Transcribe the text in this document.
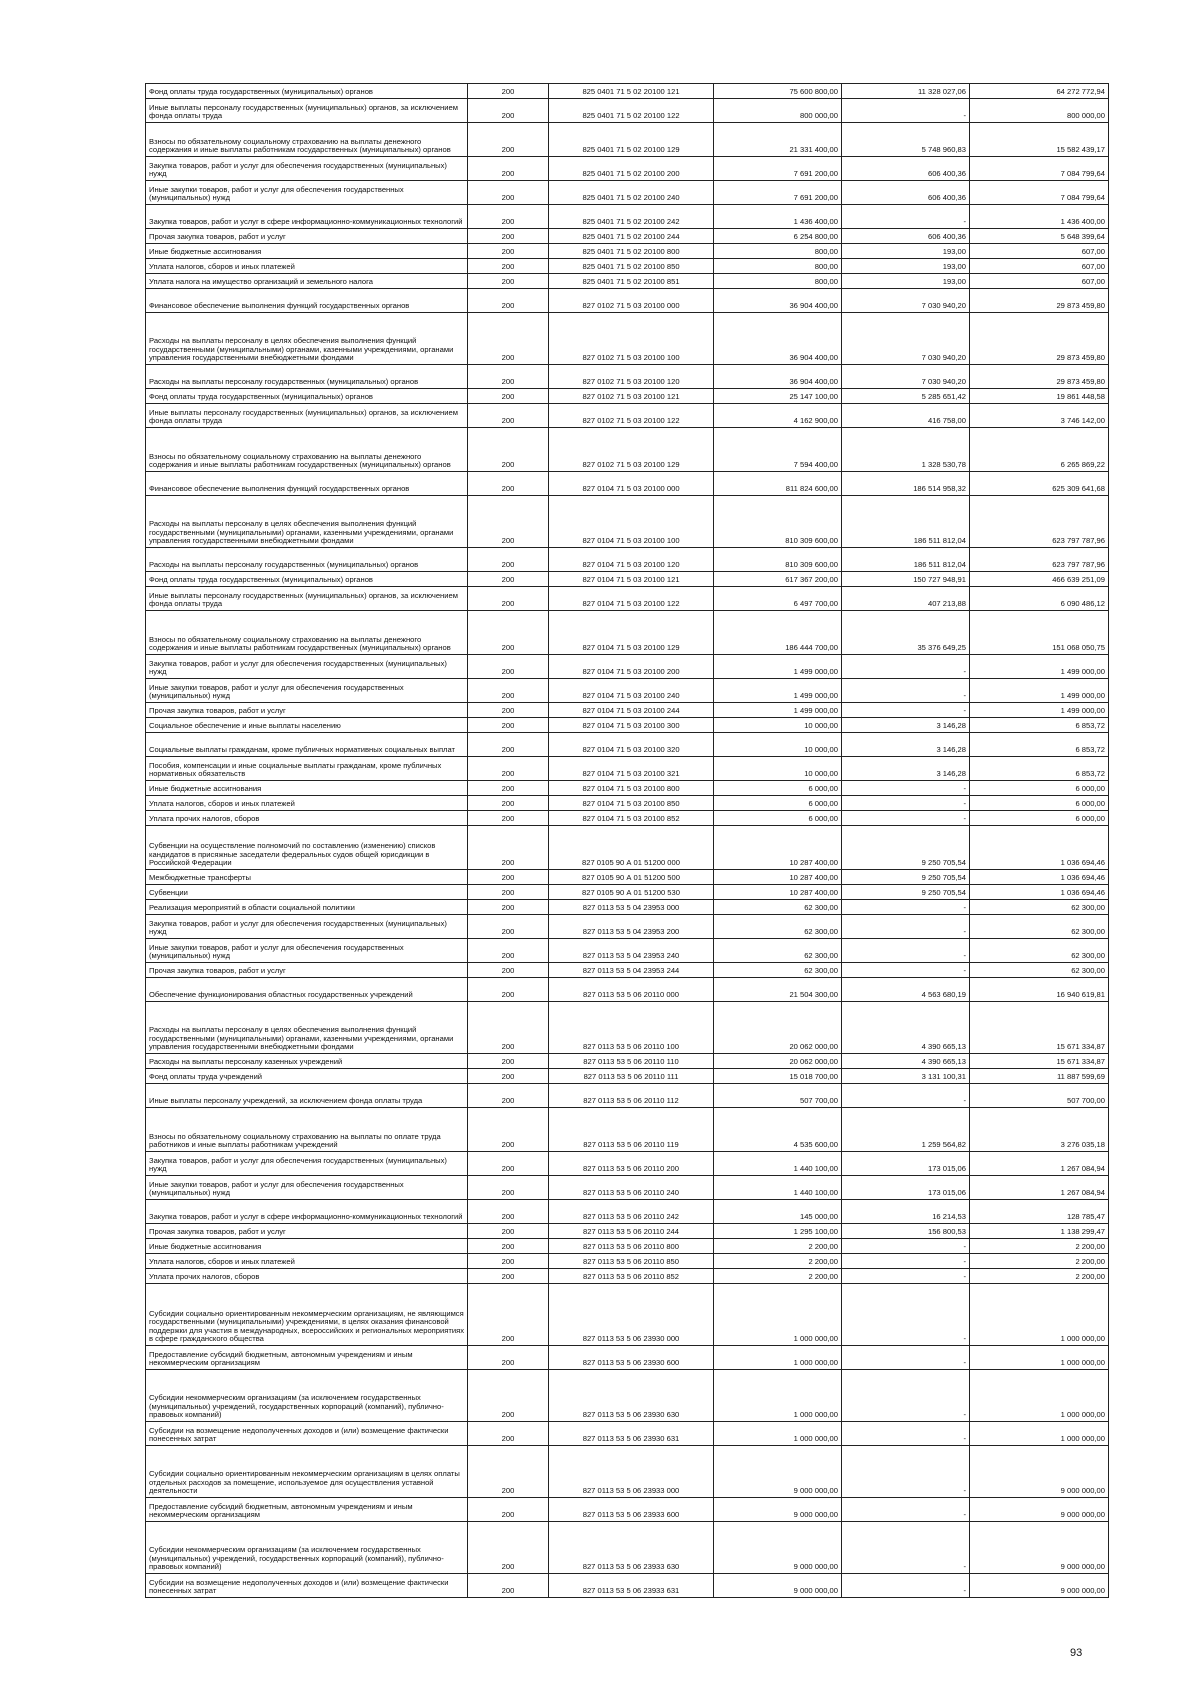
Фонд оплаты труда государственных (муниципальных) органов	200	825 0401 71 5 02 20100 121	75 600 800,00	11 328 027,06	64 272 772,94
Иные выплаты персоналу государственных (муниципальных) органов, за исключением фонда оплаты труда	200	825 0401 71 5 02 20100 122	800 000,00	-	800 000,00
Взносы по обязательному социальному страхованию на выплаты денежного содержания и иные выплаты работникам государственных (муниципальных) органов	200	825 0401 71 5 02 20100 129	21 331 400,00	5 748 960,83	15 582 439,17
Закупка товаров, работ и услуг для обеспечения государственных (муниципальных) нужд	200	825 0401 71 5 02 20100 200	7 691 200,00	606 400,36	7 084 799,64
Иные закупки товаров, работ и услуг для обеспечения государственных (муниципальных) нужд	200	825 0401 71 5 02 20100 240	7 691 200,00	606 400,36	7 084 799,64
Закупка товаров, работ и услуг в сфере информационно-коммуникационных технологий	200	825 0401 71 5 02 20100 242	1 436 400,00	-	1 436 400,00
Прочая закупка товаров, работ и услуг	200	825 0401 71 5 02 20100 244	6 254 800,00	606 400,36	5 648 399,64
Иные бюджетные ассигнования	200	825 0401 71 5 02 20100 800	800,00	193,00	607,00
Уплата налогов, сборов и иных платежей	200	825 0401 71 5 02 20100 850	800,00	193,00	607,00
Уплата налога на имущество организаций и земельного налога	200	825 0401 71 5 02 20100 851	800,00	193,00	607,00
Финансовое обеспечение выполнения функций государственных органов	200	827 0102 71 5 03 20100 000	36 904 400,00	7 030 940,20	29 873 459,80
Расходы на выплаты персоналу в целях обеспечения выполнения функций государственными (муниципальными) органами, казенными учреждениями, органами управления государственными внебюджетными фондами	200	827 0102 71 5 03 20100 100	36 904 400,00	7 030 940,20	29 873 459,80
Расходы на выплаты персоналу государственных (муниципальных) органов	200	827 0102 71 5 03 20100 120	36 904 400,00	7 030 940,20	29 873 459,80
Фонд оплаты труда государственных (муниципальных) органов	200	827 0102 71 5 03 20100 121	25 147 100,00	5 285 651,42	19 861 448,58
Иные выплаты персоналу государственных (муниципальных) органов, за исключением фонда оплаты труда	200	827 0102 71 5 03 20100 122	4 162 900,00	416 758,00	3 746 142,00
Взносы по обязательному социальному страхованию на выплаты денежного содержания и иные выплаты работникам государственных (муниципальных) органов	200	827 0102 71 5 03 20100 129	7 594 400,00	1 328 530,78	6 265 869,22
Финансовое обеспечение выполнения функций государственных органов	200	827 0104 71 5 03 20100 000	811 824 600,00	186 514 958,32	625 309 641,68
Расходы на выплаты персоналу в целях обеспечения выполнения функций государственными (муниципальными) органами, казенными учреждениями, органами управления государственными внебюджетными фондами	200	827 0104 71 5 03 20100 100	810 309 600,00	186 511 812,04	623 797 787,96
Расходы на выплаты персоналу государственных (муниципальных) органов	200	827 0104 71 5 03 20100 120	810 309 600,00	186 511 812,04	623 797 787,96
Фонд оплаты труда государственных (муниципальных) органов	200	827 0104 71 5 03 20100 121	617 367 200,00	150 727 948,91	466 639 251,09
Иные выплаты персоналу государственных (муниципальных) органов, за исключением фонда оплаты труда	200	827 0104 71 5 03 20100 122	6 497 700,00	407 213,88	6 090 486,12
Взносы по обязательному социальному страхованию на выплаты денежного содержания и иные выплаты работникам государственных (муниципальных) органов	200	827 0104 71 5 03 20100 129	186 444 700,00	35 376 649,25	151 068 050,75
Закупка товаров, работ и услуг для обеспечения государственных (муниципальных) нужд	200	827 0104 71 5 03 20100 200	1 499 000,00	-	1 499 000,00
Иные закупки товаров, работ и услуг для обеспечения государственных (муниципальных) нужд	200	827 0104 71 5 03 20100 240	1 499 000,00	-	1 499 000,00
Прочая закупка товаров, работ и услуг	200	827 0104 71 5 03 20100 244	1 499 000,00	-	1 499 000,00
Социальное обеспечение и иные выплаты населению	200	827 0104 71 5 03 20100 300	10 000,00	3 146,28	6 853,72
Социальные выплаты гражданам, кроме публичных нормативных социальных выплат	200	827 0104 71 5 03 20100 320	10 000,00	3 146,28	6 853,72
Пособия, компенсации и иные социальные выплаты гражданам, кроме публичных нормативных обязательств	200	827 0104 71 5 03 20100 321	10 000,00	3 146,28	6 853,72
Иные бюджетные ассигнования	200	827 0104 71 5 03 20100 800	6 000,00	-	6 000,00
Уплата налогов, сборов и иных платежей	200	827 0104 71 5 03 20100 850	6 000,00	-	6 000,00
Уплата прочих налогов, сборов	200	827 0104 71 5 03 20100 852	6 000,00	-	6 000,00
Субвенции на осуществление полномочий по составлению (изменению) списков кандидатов в присяжные заседатели федеральных судов общей юрисдикции в Российской Федерации	200	827 0105 90 А 01 51200 000	10 287 400,00	9 250 705,54	1 036 694,46
Межбюджетные трансферты	200	827 0105 90 А 01 51200 500	10 287 400,00	9 250 705,54	1 036 694,46
Субвенции	200	827 0105 90 А 01 51200 530	10 287 400,00	9 250 705,54	1 036 694,46
Реализация мероприятий в области социальной политики	200	827 0113 53 5 04 23953 000	62 300,00	-	62 300,00
Закупка товаров, работ и услуг для обеспечения государственных (муниципальных) нужд	200	827 0113 53 5 04 23953 200	62 300,00	-	62 300,00
Иные закупки товаров, работ и услуг для обеспечения государственных (муниципальных) нужд	200	827 0113 53 5 04 23953 240	62 300,00	-	62 300,00
Прочая закупка товаров, работ и услуг	200	827 0113 53 5 04 23953 244	62 300,00	-	62 300,00
Обеспечение функционирования областных государственных учреждений	200	827 0113 53 5 06 20110 000	21 504 300,00	4 563 680,19	16 940 619,81
Расходы на выплаты персоналу в целях обеспечения выполнения функций государственными (муниципальными) органами, казенными учреждениями, органами управления государственными внебюджетными фондами	200	827 0113 53 5 06 20110 100	20 062 000,00	4 390 665,13	15 671 334,87
Расходы на выплаты персоналу казенных учреждений	200	827 0113 53 5 06 20110 110	20 062 000,00	4 390 665,13	15 671 334,87
Фонд оплаты труда учреждений	200	827 0113 53 5 06 20110 111	15 018 700,00	3 131 100,31	11 887 599,69
Иные выплаты персоналу учреждений, за исключением фонда оплаты труда	200	827 0113 53 5 06 20110 112	507 700,00	-	507 700,00
Взносы по обязательному социальному страхованию на выплаты по оплате труда работников и иные выплаты работникам учреждений	200	827 0113 53 5 06 20110 119	4 535 600,00	1 259 564,82	3 276 035,18
Закупка товаров, работ и услуг для обеспечения государственных (муниципальных) нужд	200	827 0113 53 5 06 20110 200	1 440 100,00	173 015,06	1 267 084,94
Иные закупки товаров, работ и услуг для обеспечения государственных (муниципальных) нужд	200	827 0113 53 5 06 20110 240	1 440 100,00	173 015,06	1 267 084,94
Закупка товаров, работ и услуг в сфере информационно-коммуникационных технологий	200	827 0113 53 5 06 20110 242	145 000,00	16 214,53	128 785,47
Прочая закупка товаров, работ и услуг	200	827 0113 53 5 06 20110 244	1 295 100,00	156 800,53	1 138 299,47
Иные бюджетные ассигнования	200	827 0113 53 5 06 20110 800	2 200,00	-	2 200,00
Уплата налогов, сборов и иных платежей	200	827 0113 53 5 06 20110 850	2 200,00	-	2 200,00
Уплата прочих налогов, сборов	200	827 0113 53 5 06 20110 852	2 200,00	-	2 200,00
Субсидии социально ориентированным некоммерческим организациям, не являющимся государственными (муниципальными) учреждениями, в целях оказания финансовой поддержки для участия в международных, всероссийских и региональных мероприятиях в сфере гражданского общества	200	827 0113 53 5 06 23930 000	1 000 000,00	-	1 000 000,00
Предоставление субсидий бюджетным, автономным учреждениям и иным некоммерческим организациям	200	827 0113 53 5 06 23930 600	1 000 000,00	-	1 000 000,00
Субсидии некоммерческим организациям (за исключением государственных (муниципальных) учреждений, государственных корпораций (компаний), публично-правовых компаний)	200	827 0113 53 5 06 23930 630	1 000 000,00	-	1 000 000,00
Субсидии на возмещение недополученных доходов и (или) возмещение фактически понесенных затрат	200	827 0113 53 5 06 23930 631	1 000 000,00	-	1 000 000,00
Субсидии социально ориентированным некоммерческим организациям в целях оплаты отдельных расходов за помещение, используемое для осуществления уставной деятельности	200	827 0113 53 5 06 23933 000	9 000 000,00	-	9 000 000,00
Предоставление субсидий бюджетным, автономным учреждениям и иным некоммерческим организациям	200	827 0113 53 5 06 23933 600	9 000 000,00	-	9 000 000,00
Субсидии некоммерческим организациям (за исключением государственных (муниципальных) учреждений, государственных корпораций (компаний), публично-правовых компаний)	200	827 0113 53 5 06 23933 630	9 000 000,00	-	9 000 000,00
Субсидии на возмещение недополученных доходов и (или) возмещение фактически понесенных затрат	200	827 0113 53 5 06 23933 631	9 000 000,00	-	9 000 000,00
93
